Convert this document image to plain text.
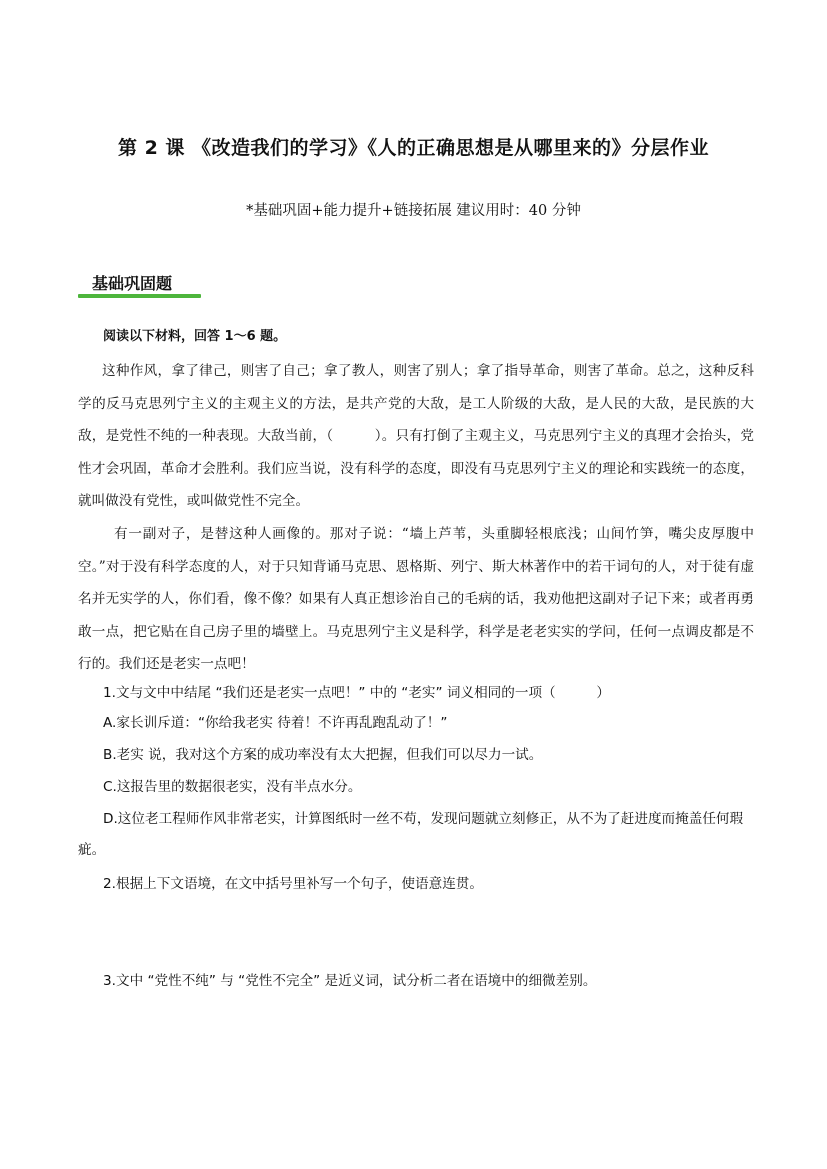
第 2 课 《改造我们的学习》《人的正确思想是从哪里来的》分层作业
*基础巩固+能力提升+链接拓展 建议用时：40 分钟
基础巩固题
阅读以下材料，回答 1～6 题。
这种作风，拿了律己，则害了自己；拿了教人，则害了别人；拿了指导革命，则害了革命。总之，这种反科学的反马克思列宁主义的主观主义的方法，是共产党的大敌，是工人阶级的大敌，是人民的大敌，是民族的大敌，是党性不纯的一种表现。大敌当前，（　　　）。只有打倒了主观主义，马克思列宁主义的真理才会抬头，党性才会巩固，革命才会胜利。我们应当说，没有科学的态度，即没有马克思列宁主义的理论和实践统一的态度，就叫做没有党性，或叫做党性不完全。
有一副对子，是替这种人画像的。那对子说：“墙上芦苇，头重脚轻根底浅；山间竹笋，嘴尖皮厚腹中空。”对于没有科学态度的人，对于只知背诵马克思、恩格斯、列宁、斯大林著作中的若干词句的人，对于徒有虚名并无实学的人，你们看，像不像？如果有人真正想诊治自己的毛病的话，我劝他把这副对子记下来；或者再勇敢一点，把它贴在自己房子里的墙壁上。马克思列宁主义是科学，科学是老老实实的学问，任何一点调皮都是不行的。我们还是老实一点吧！
1.文与文中中结尾 “我们还是老实一点吧！” 中的 “老实” 词义相同的一项（　　　）
A.家长训斥道：“你给我老实 待着！不许再乱跑乱动了！”
B.老实 说，我对这个方案的成功率没有太大把握，但我们可以尽力一试。
C.这报告里的数据很老实，没有半点水分。
D.这位老工程师作风非常老实，计算图纸时一丝不苟，发现问题就立刻修正，从不为了赶进度而掩盖任何瑕疵。
2.根据上下文语境，在文中括号里补写一个句子，使语意连贯。
3.文中 “党性不纯” 与 “党性不完全” 是近义词，试分析二者在语境中的细微差别。
